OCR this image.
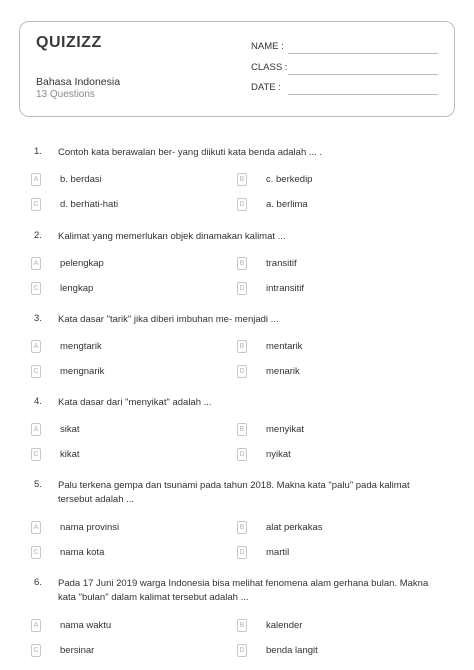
QUIZIZZ
Bahasa Indonesia
13 Questions
NAME :
CLASS :
DATE :
1. Contoh kata berawalan ber- yang diikuti kata benda adalah ... .
A b. berdasi	B c. berkedip
C d. berhati-hati	D a. berlima
2. Kalimat yang memerlukan objek dinamakan kalimat ...
A pelengkap	B transitif
C lengkap	D intransitif
3. Kata dasar "tarik" jika diberi imbuhan me- menjadi ...
A mengtarik	B mentarik
C mengnarik	D menarik
4. Kata dasar dari "menyikat" adalah ...
A sikat	B menyikat
C kikat	D nyikat
5. Palu terkena gempa dan tsunami pada tahun 2018. Makna kata "palu" pada kalimat tersebut adalah ...
A nama provinsi	B alat perkakas
C nama kota	D martil
6. Pada 17 Juni 2019 warga Indonesia bisa melihat fenomena alam gerhana bulan. Makna kata "bulan" dalam kalimat tersebut adalah ...
A nama waktu	B kalender
C bersinar	D benda langit
